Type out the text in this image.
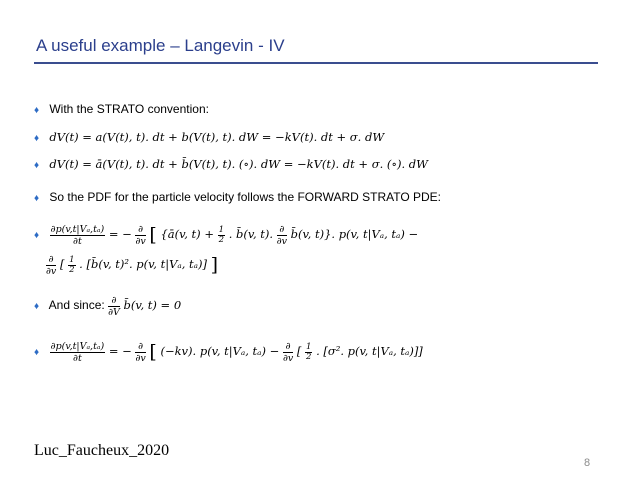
A useful example – Langevin - IV
♦ With the STRATO convention:
♦ dV(t) = a(V(t), t). dt + b(V(t), t). dW = −kV(t). dt + σ. dW
♦ dV(t) = ā(V(t), t). dt + b̄(V(t), t). (∘). dW = −kV(t). dt + σ. (∘). dW
♦ So the PDF for the particle velocity follows the FORWARD STRATO PDE:
♦ $\frac{\text{∂p(v,t|Vₐ,tₐ)}}{\partial t}$ = − $\frac{\partial}{\partial v}$ [ {ā(v, $t) + \frac{1}{2}$ . b̄(v, t). $\frac{\partial}{\partial v}$ b̄(v, t)}. p(v, t|Vₐ, tₐ) −
$\frac{\partial}{\partial v}$ [ $\frac{1}{2}$ . [b̄(v, t)². p(v, t|Vₐ, tₐ)] ]
♦ And since: $\frac{\partial}{\partial V}$ b̄(v, t) = 0
♦ $\frac{\text{∂p(v,t|Vₐ,tₐ)}}{\partial t}$ = − $\frac{\partial}{\partial v}$ [ (−kv). p(v, t|Vₐ, $t_a) - \frac{\partial}{\partial v}$ [ $\frac{1}{2}$ . [σ². p(v, t|Vₐ, tₐ)]]
Luc_Faucheux_2020
8
